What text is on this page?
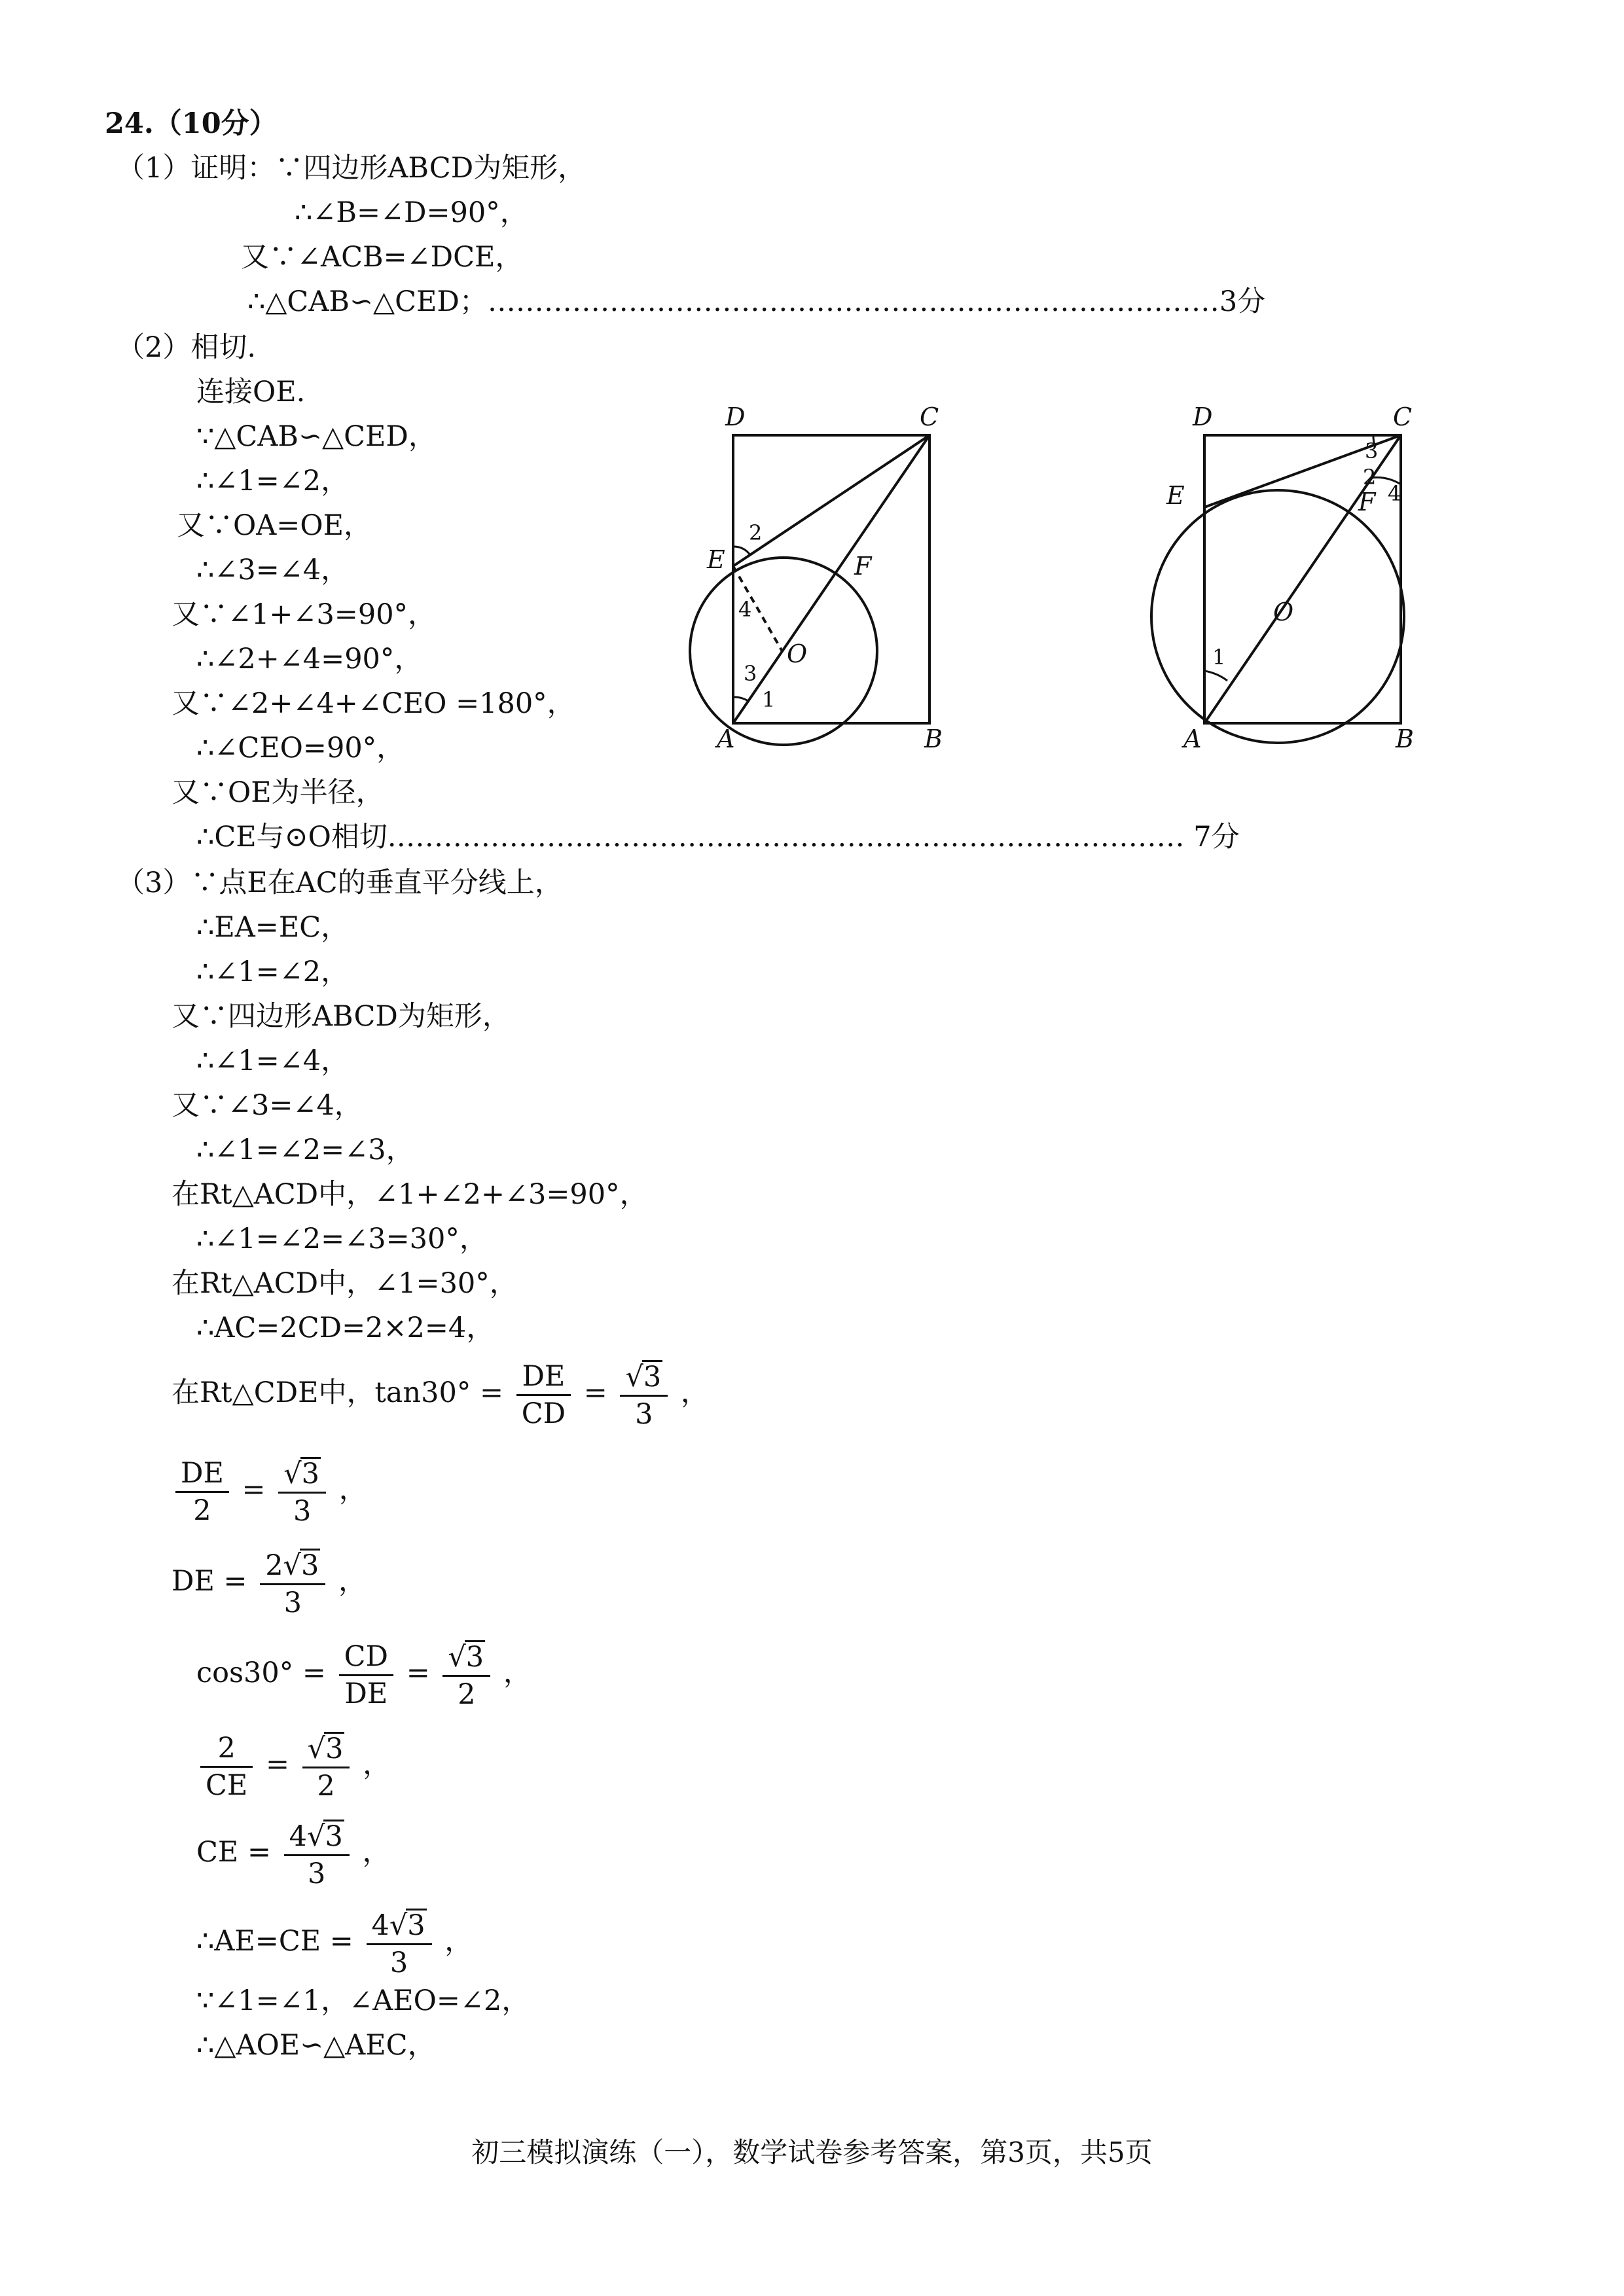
24.（10分）
（1）证明：∵四边形ABCD为矩形，
∴∠B=∠D=90°，
又∵∠ACB=∠DCE，
∴△CAB∽△CED；……………………………………………………………………3分
（2）相切.
连接OE.
∵△CAB∽△CED，
∴∠1=∠2，
又∵OA=OE，
∴∠3=∠4，
又∵∠1+∠3=90°，
∴∠2+∠4=90°，
又∵∠2+∠4+∠CEO =180°，
∴∠CEO=90°，
又∵OE为半径，
∴CE与⊙O相切.………………………………………………………………………… 7分
D	C
E	F
O
A	B
2
4
3
1
D	C
E	F
O
A	B
3
2
4
1
（3）∵点E在AC的垂直平分线上，
∴EA=EC，
∴∠1=∠2，
又∵四边形ABCD为矩形，
∴∠1=∠4，
又∵∠3=∠4，
∴∠1=∠2=∠3，
在Rt△ACD中，∠1+∠2+∠3=90°，
∴∠1=∠2=∠3=30°，
在Rt△ACD中，∠1=30°，
∴AC=2CD=2×2=4，
在Rt△CDE中，$\tan 30^\circ = \frac{DE}{CD} = \frac{√3}{3}$ ，
$\frac{DE}{2} = \frac{√3}{3}$ ，
DE = $\frac{2√3}{3}$ ，
$\cos 30^\circ = \frac{CD}{DE} = \frac{√3}{2}$ ，
$\frac{2}{CE} = \frac{√3}{2}$ ，
CE = $\frac{4√3}{3}$ ，
∴AE=CE = $\frac{4√3}{3}$ ，
∵∠1=∠1，∠AEO=∠2，
∴△AOE∽△AEC，
初三模拟演练（一），数学试卷参考答案，第3页，共5页
